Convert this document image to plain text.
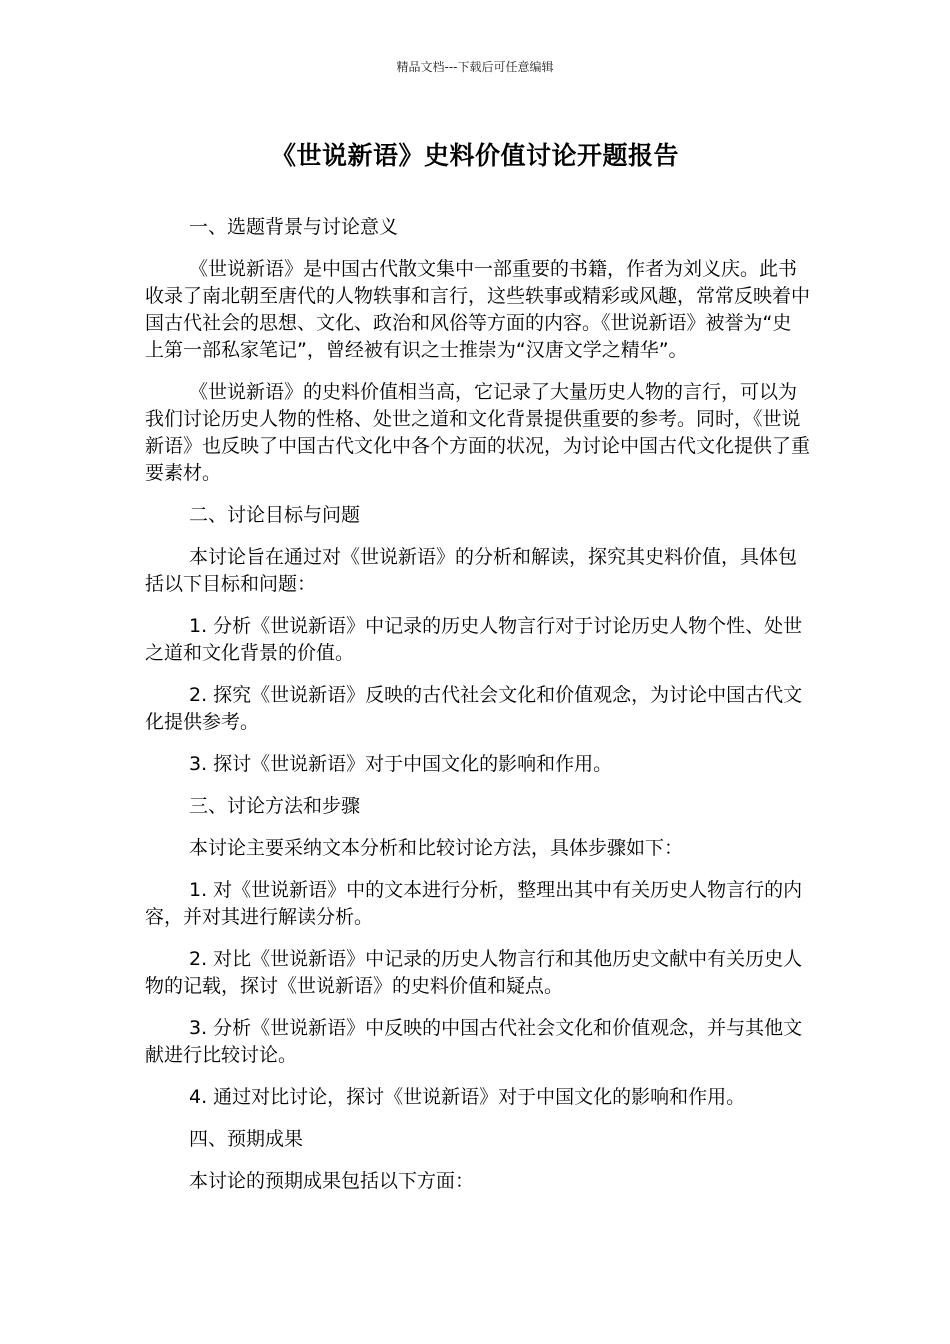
精品文档---下载后可任意编辑
《世说新语》史料价值讨论开题报告

一、选题背景与讨论意义

《世说新语》是中国古代散文集中一部重要的书籍，作者为刘义庆。此书收录了南北朝至唐代的人物轶事和言行，这些轶事或精彩或风趣，常常反映着中国古代社会的思想、文化、政治和风俗等方面的内容。《世说新语》被誉为“史上第一部私家笔记”，曾经被有识之士推崇为“汉唐文学之精华”。

《世说新语》的史料价值相当高，它记录了大量历史人物的言行，可以为我们讨论历史人物的性格、处世之道和文化背景提供重要的参考。同时，《世说新语》也反映了中国古代文化中各个方面的状况，为讨论中国古代文化提供了重要素材。

二、讨论目标与问题

本讨论旨在通过对《世说新语》的分析和解读，探究其史料价值，具体包括以下目标和问题：

1. 分析《世说新语》中记录的历史人物言行对于讨论历史人物个性、处世之道和文化背景的价值。

2. 探究《世说新语》反映的古代社会文化和价值观念，为讨论中国古代文化提供参考。

3. 探讨《世说新语》对于中国文化的影响和作用。

三、讨论方法和步骤

本讨论主要采纳文本分析和比较讨论方法，具体步骤如下：

1. 对《世说新语》中的文本进行分析，整理出其中有关历史人物言行的内容，并对其进行解读分析。

2. 对比《世说新语》中记录的历史人物言行和其他历史文献中有关历史人物的记载，探讨《世说新语》的史料价值和疑点。

3. 分析《世说新语》中反映的中国古代社会文化和价值观念，并与其他文献进行比较讨论。

4. 通过对比讨论，探讨《世说新语》对于中国文化的影响和作用。

四、预期成果

本讨论的预期成果包括以下方面：
